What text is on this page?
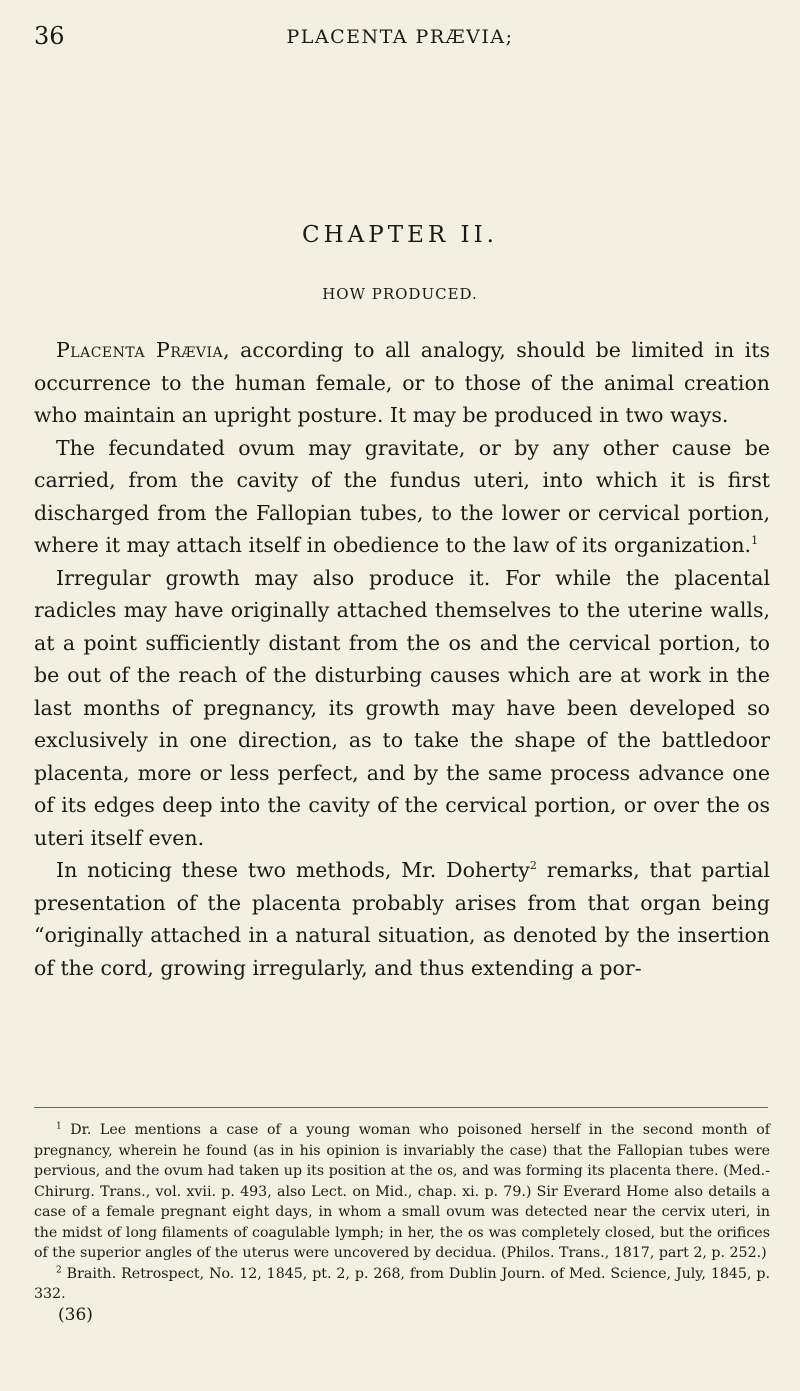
36	PLACENTA PRÆVIA;
CHAPTER II.
HOW PRODUCED.

Placenta Prævia, according to all analogy, should be limited in its occurrence to the human female, or to those of the animal creation who maintain an upright posture. It may be produced in two ways.

The fecundated ovum may gravitate, or by any other cause be carried, from the cavity of the fundus uteri, into which it is first discharged from the Fallopian tubes, to the lower or cervical portion, where it may attach itself in obedience to the law of its organization.$^1$

Irregular growth may also produce it. For while the placental radicles may have originally attached themselves to the uterine walls, at a point sufficiently distant from the os and the cervical portion, to be out of the reach of the disturbing causes which are at work in the last months of pregnancy, its growth may have been developed so exclusively in one direction, as to take the shape of the battledoor placenta, more or less perfect, and by the same process advance one of its edges deep into the cavity of the cervical portion, or over the os uteri itself even.

In noticing these two methods, Mr. Doherty$^2$ remarks, that partial presentation of the placenta probably arises from that organ being “originally attached in a natural situation, as denoted by the insertion of the cord, growing irregularly, and thus extending a por-

$^1$ Dr. Lee mentions a case of a young woman who poisoned herself in the second month of pregnancy, wherein he found (as in his opinion is invariably the case) that the Fallopian tubes were pervious, and the ovum had taken up its position at the os, and was forming its placenta there. (Med.-Chirurg. Trans., vol. xvii. p. 493, also Lect. on Mid., chap. xi. p. 79.) Sir Everard Home also details a case of a female pregnant eight days, in whom a small ovum was detected near the cervix uteri, in the midst of long filaments of coagulable lymph; in her, the os was completely closed, but the orifices of the superior angles of the uterus were uncovered by decidua. (Philos. Trans., 1817, part 2, p. 252.)

$^2$ Braith. Retrospect, No. 12, 1845, pt. 2, p. 268, from Dublin Journ. of Med. Science, July, 1845, p. 332.

(36)
